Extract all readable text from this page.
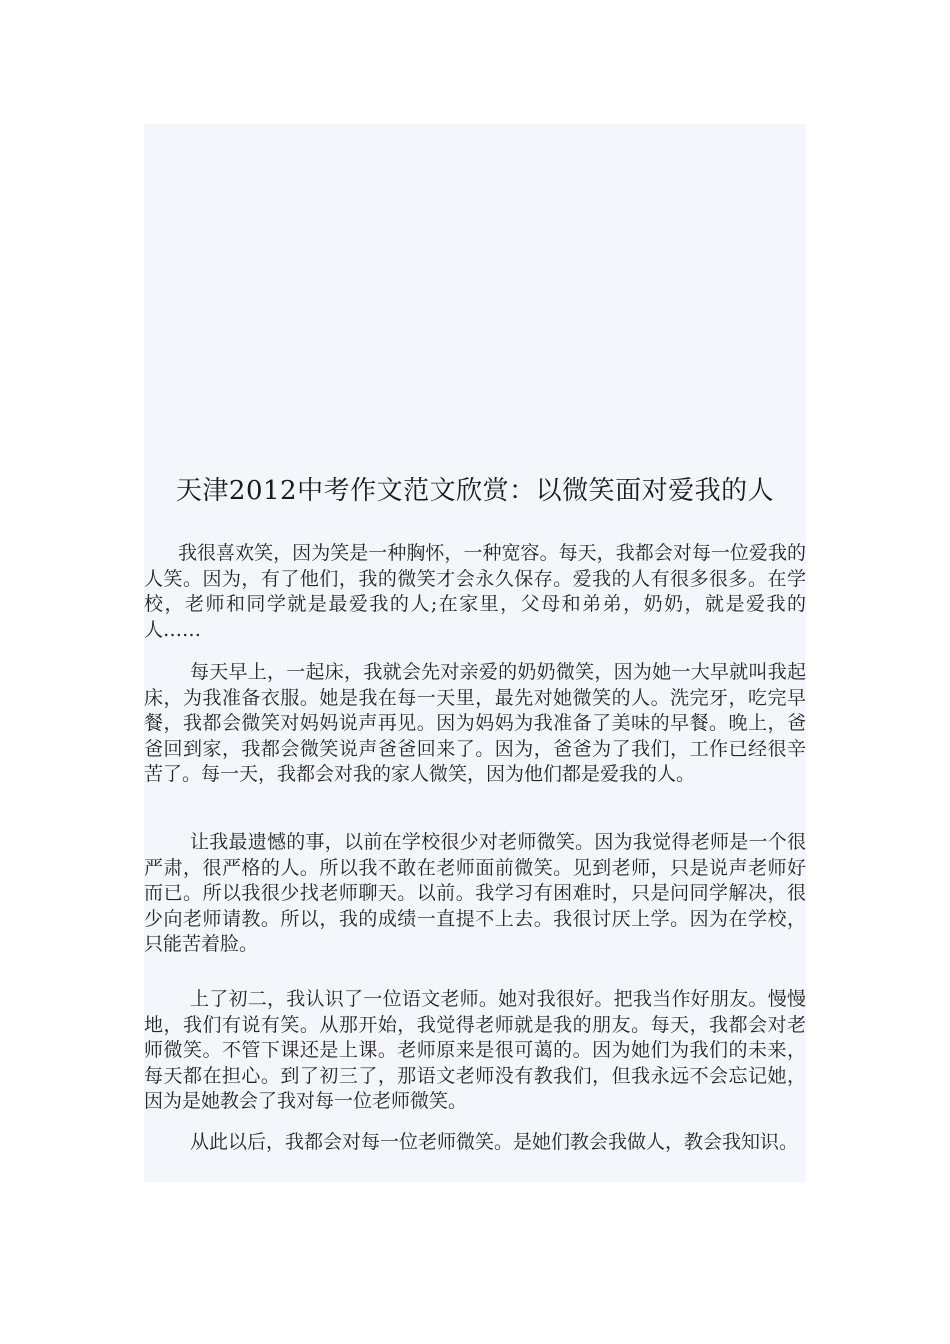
天津2012中考作文范文欣赏：以微笑面对爱我的人

我很喜欢笑，因为笑是一种胸怀，一种宽容。每天，我都会对每一位爱我的人笑。因为，有了他们，我的微笑才会永久保存。爱我的人有很多很多。在学校，老师和同学就是最爱我的人;在家里，父母和弟弟，奶奶，就是爱我的人……

每天早上，一起床，我就会先对亲爱的奶奶微笑，因为她一大早就叫我起床，为我准备衣服。她是我在每一天里，最先对她微笑的人。洗完牙，吃完早餐，我都会微笑对妈妈说声再见。因为妈妈为我准备了美味的早餐。晚上，爸爸回到家，我都会微笑说声爸爸回来了。因为，爸爸为了我们，工作已经很辛苦了。每一天，我都会对我的家人微笑，因为他们都是爱我的人。

让我最遗憾的事，以前在学校很少对老师微笑。因为我觉得老师是一个很严肃，很严格的人。所以我不敢在老师面前微笑。见到老师，只是说声老师好而已。所以我很少找老师聊天。以前。我学习有困难时，只是问同学解决，很少向老师请教。所以，我的成绩一直提不上去。我很讨厌上学。因为在学校，只能苦着脸。

上了初二，我认识了一位语文老师。她对我很好。把我当作好朋友。慢慢地，我们有说有笑。从那开始，我觉得老师就是我的朋友。每天，我都会对老师微笑。不管下课还是上课。老师原来是很可蔼的。因为她们为我们的未来，每天都在担心。到了初三了，那语文老师没有教我们，但我永远不会忘记她，因为是她教会了我对每一位老师微笑。

从此以后，我都会对每一位老师微笑。是她们教会我做人，教会我知识。
